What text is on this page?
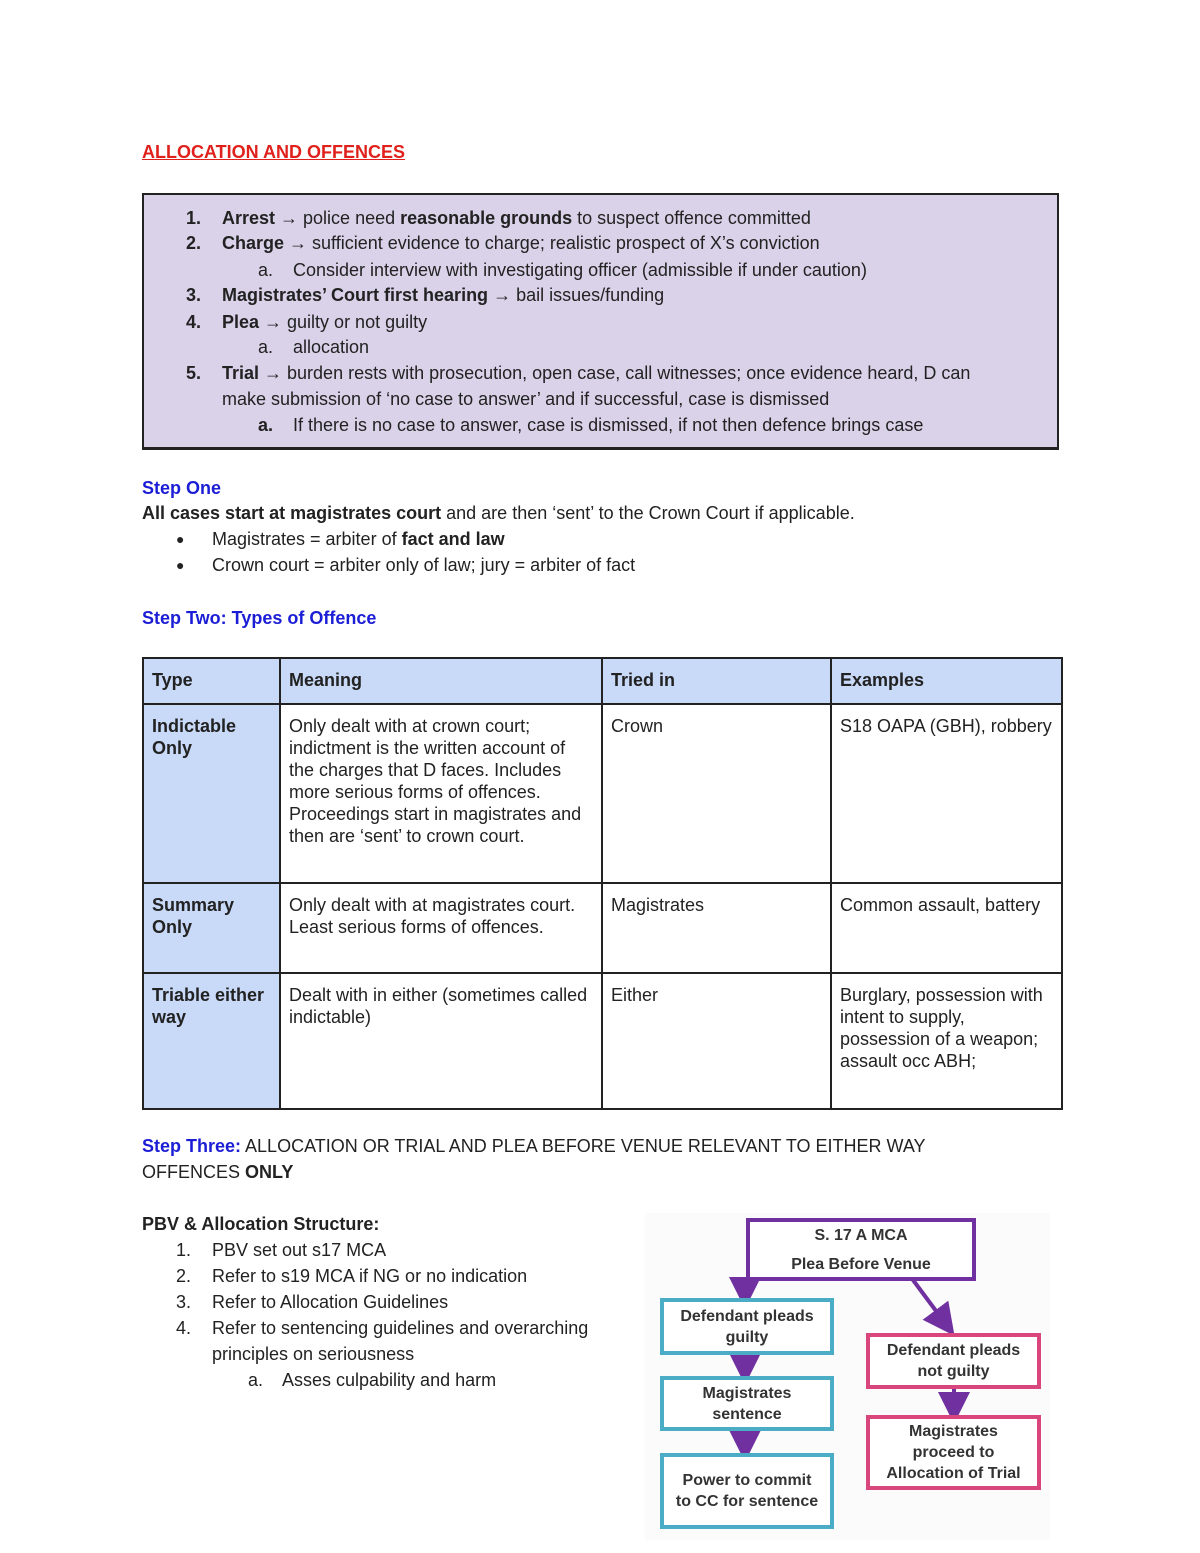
ALLOCATION AND OFFENCES
1. Arrest → police need reasonable grounds to suspect offence committed
2. Charge → sufficient evidence to charge; realistic prospect of X’s conviction
a. Consider interview with investigating officer (admissible if under caution)
3. Magistrates’ Court first hearing → bail issues/funding
4. Plea → guilty or not guilty
a. allocation
5. Trial → burden rests with prosecution, open case, call witnesses; once evidence heard, D can
make submission of ‘no case to answer’ and if successful, case is dismissed
a. If there is no case to answer, case is dismissed, if not then defence brings case
Step One
All cases start at magistrates court and are then ‘sent’ to the Crown Court if applicable.
● Magistrates = arbiter of fact and law
● Crown court = arbiter only of law; jury = arbiter of fact
Step Two: Types of Offence
Type	Meaning	Tried in	Examples
Indictable Only	Only dealt with at crown court; indictment is the written account of the charges that D faces. Includes more serious forms of offences. Proceedings start in magistrates and then are ‘sent’ to crown court.	Crown	S18 OAPA (GBH), robbery
Summary Only	Only dealt with at magistrates court. Least serious forms of offences.	Magistrates	Common assault, battery
Triable either way	Dealt with in either (sometimes called indictable)	Either	Burglary, possession with intent to supply, possession of a weapon; assault occ ABH;
Step Three: ALLOCATION OR TRIAL AND PLEA BEFORE VENUE RELEVANT TO EITHER WAY
OFFENCES ONLY
PBV & Allocation Structure:
1. PBV set out s17 MCA
2. Refer to s19 MCA if NG or no indication
3. Refer to Allocation Guidelines
4. Refer to sentencing guidelines and overarching
principles on seriousness
a. Asses culpability and harm
S. 17 A MCA
Plea Before Venue
Defendant pleads guilty
Magistrates sentence
Power to commit to CC for sentence
Defendant pleads not guilty
Magistrates proceed to Allocation of Trial
